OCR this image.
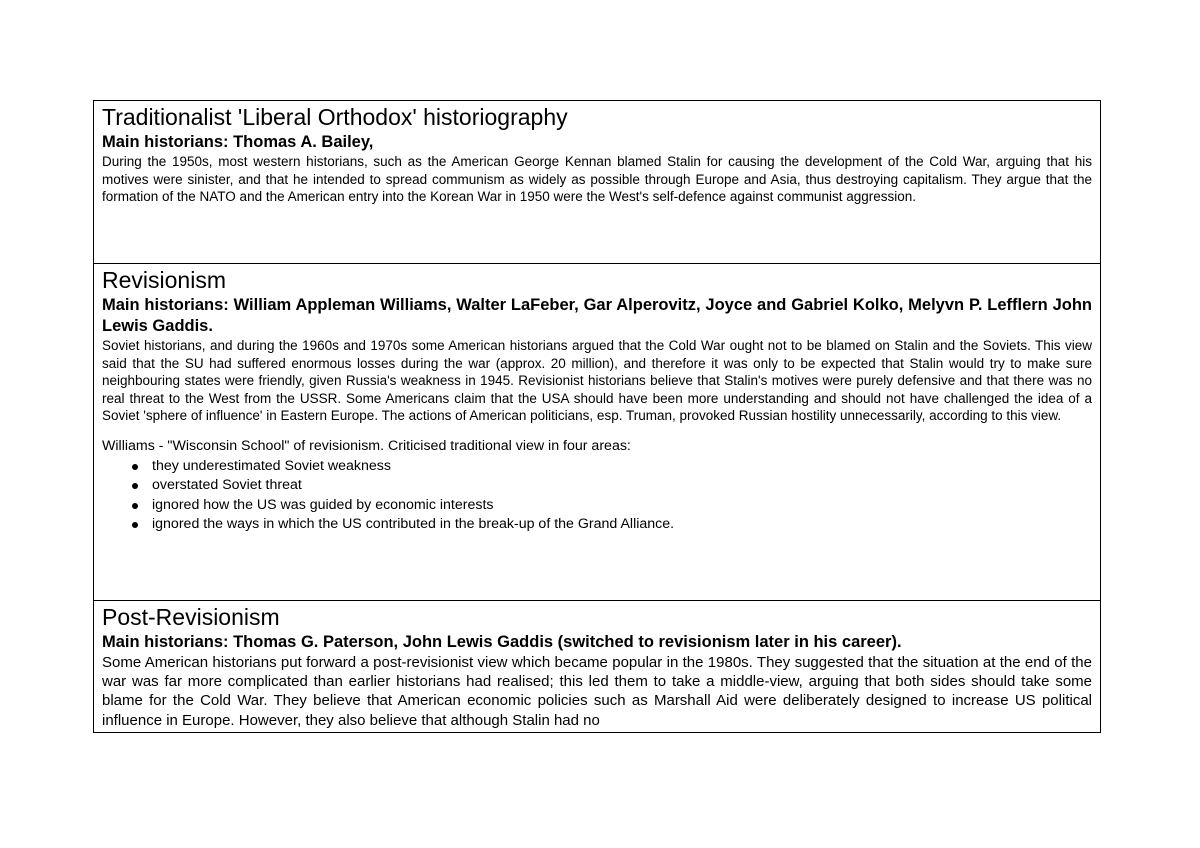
Traditionalist 'Liberal Orthodox' historiography

Main historians: Thomas A. Bailey,

During the 1950s, most western historians, such as the American George Kennan blamed Stalin for causing the development of the Cold War, arguing that his motives were sinister, and that he intended to spread communism as widely as possible through Europe and Asia, thus destroying capitalism. They argue that the formation of the NATO and the American entry into the Korean War in 1950 were the West's self-defence against communist aggression.

Revisionism

Main historians: William Appleman Williams, Walter LaFeber, Gar Alperovitz, Joyce and Gabriel Kolko, Melyvn P. Lefflern John Lewis Gaddis.

Soviet historians, and during the 1960s and 1970s some American historians argued that the Cold War ought not to be blamed on Stalin and the Soviets. This view said that the SU had suffered enormous losses during the war (approx. 20 million), and therefore it was only to be expected that Stalin would try to make sure neighbouring states were friendly, given Russia's weakness in 1945. Revisionist historians believe that Stalin's motives were purely defensive and that there was no real threat to the West from the USSR. Some Americans claim that the USA should have been more understanding and should not have challenged the idea of a Soviet 'sphere of influence' in Eastern Europe. The actions of American politicians, esp. Truman, provoked Russian hostility unnecessarily, according to this view.

Williams - "Wisconsin School" of revisionism. Criticised traditional view in four areas:

they underestimated Soviet weakness
overstated Soviet threat
ignored how the US was guided by economic interests
ignored the ways in which the US contributed in the break-up of the Grand Alliance.
Post-Revisionism

Main historians: Thomas G. Paterson, John Lewis Gaddis (switched to revisionism later in his career).

Some American historians put forward a post-revisionist view which became popular in the 1980s. They suggested that the situation at the end of the war was far more complicated than earlier historians had realised; this led them to take a middle-view, arguing that both sides should take some blame for the Cold War. They believe that American economic policies such as Marshall Aid were deliberately designed to increase US political influence in Europe. However, they also believe that although Stalin had no
